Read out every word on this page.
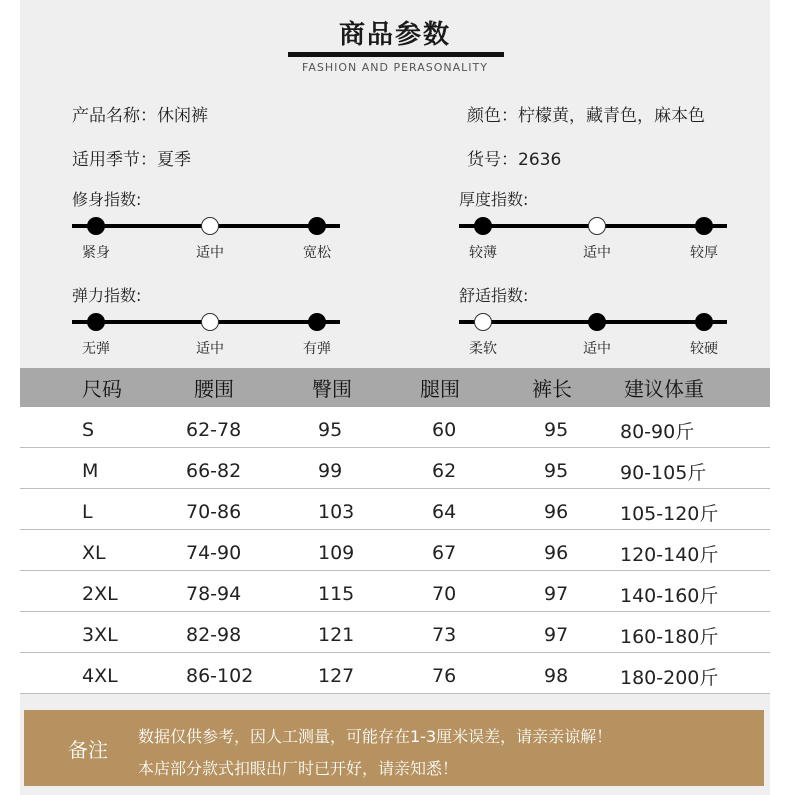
商品参数
FASHION AND PERASONALITY
产品名称：休闲裤	颜色：柠檬黄，藏青色，麻本色
适用季节：夏季	货号：2636
修身指数:
紧身	适中	宽松
厚度指数:
较薄	适中	较厚
弹力指数:
无弹	适中	有弹
舒适指数:
柔软	适中	较硬
尺码	腰围	臀围	腿围	裤长	建议体重
S	62-78	95	60	95	80-90斤
M	66-82	99	62	95	90-105斤
L	70-86	103	64	96	105-120斤
XL	74-90	109	67	96	120-140斤
2XL	78-94	115	70	97	140-160斤
3XL	82-98	121	73	97	160-180斤
4XL	86-102	127	76	98	180-200斤
备注
数据仅供参考，因人工测量，可能存在1-3厘米误差，请亲亲谅解！
本店部分款式扣眼出厂时已开好，请亲知悉！
